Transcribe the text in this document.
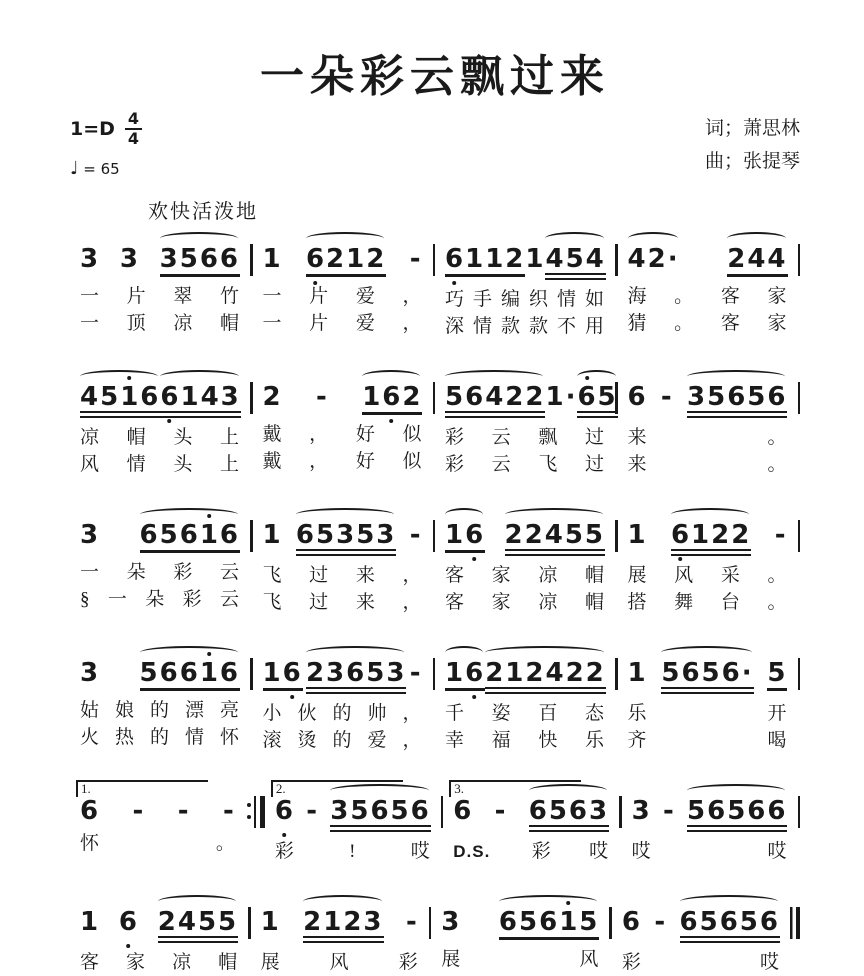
一朵彩云飘过来
1=D 4
4
♩ = 65
词；萧思林
曲；张提琴
欢快活泼地
3 3 3566
一片翠竹
一顶凉帽
1 6
212 -
一片爱，
一片爱，
6
1 12 1 454
巧手编织情如
深情款款不用
42· 244
海。客家
猜。客家
451
6 6
143
凉帽头上
风情头上
2 - 16
2
戴，好似
戴，好似
56422 1· 6
5
彩云飘过
彩云飞过
6 - 35656
来。
来。
3 6561
6
一朵彩云
§一朵彩云
1 65353 -
飞过来，
飞过来，
16 22455
客家凉帽
客家凉帽
1 6
122 -
展风采。
搭舞台。
3 5661
6
姑娘的漂亮
火热的情怀
16 23653 -
小伙的帅，
滚烫的爱，
16 212422
千姿百态
幸福快乐
1 5656· 5
乐开
齐喝
1.
6 - - -
怀。
2.
6 - 35656
彩!哎
3.
6 - 6563
D.S. 彩哎
3 - 56566
哎哎
1 6 2455
客家凉帽
1 2123 -
展风彩
3 6561
5
展风
6 - 65656
彩哎
